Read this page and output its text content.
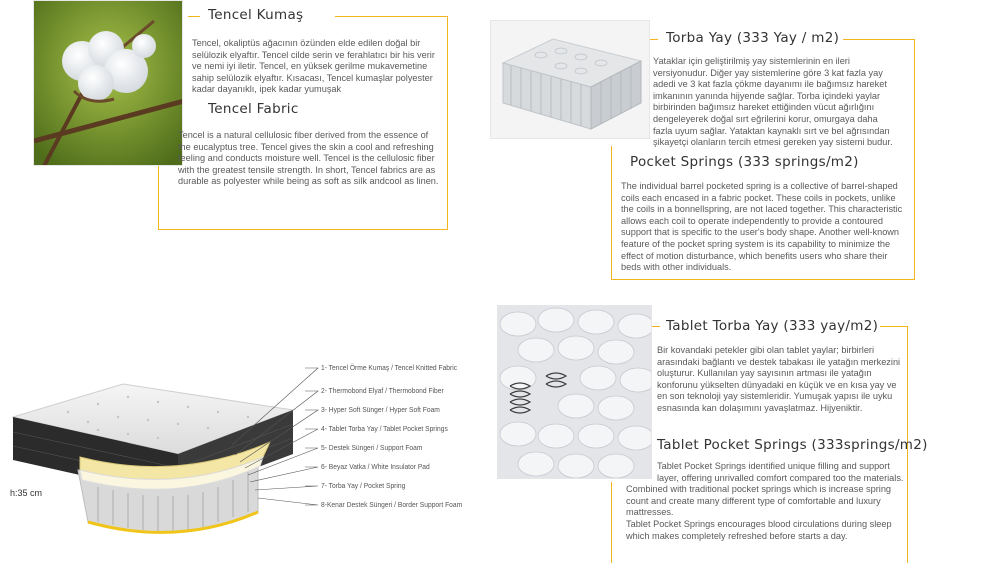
Tencel Kumaş
Tencel, okaliptüs ağacının özünden elde edilen doğal bir selülozik elyaftır. Tencel cilde serin ve ferahlatıcı bir his verir ve nemi iyi iletir. Tencel, en yüksek gerilme mukavemetine sahip selülozik elyaftır. Kısacası, Tencel kumaşlar polyester kadar dayanıklı, ipek kadar yumuşak
Tencel Fabric
Tencel is a natural cellulosic fiber derived from the essence of the eucalyptus tree. Tencel gives the skin a cool and refreshing feeling and conducts moisture well. Tencel is the cellulosic fiber with the greatest tensile strength. In short, Tencel fabrics are as durable as polyester while being as soft as silk andcool as linen.
Torba Yay (333 Yay / m2)
Yataklar için geliştirilmiş yay sistemlerinin en ileri versiyonudur. Diğer yay sistemlerine göre 3 kat fazla yay adedi ve 3 kat fazla çökme dayanımı ile bağımsız hareket imkanının yanında hijyende sağlar. Torba içindeki yaylar birbirinden bağımsız hareket ettiğinden vücut ağırlığını dengeleyerek doğal sırt eğrilerini korur, omurgaya daha fazla uyum sağlar. Yataktan kaynaklı sırt ve bel ağrısından şikayetçi olanların tercih etmesi gereken yay sistemi budur.
Pocket Springs (333 springs/m2)
The individual barrel pocketed spring is a collective of barrel-shaped coils each encased in a fabric pocket. These coils in pockets, unlike the coils in a bonnellspring, are not laced together. This characteristic allows each coil to operate independently to provide a contoured support that is specific to the user's body shape. Another well-known feature of the pocket spring system is its capability to minimize the effect of motion disturbance, which benefits users who share their beds with other individuals.
h:35 cm
1- Tencel Örme Kumaş / Tencel Knitted Fabric
2- Thermobond Elyaf / Thermobond Fiber
3- Hyper Soft Sünger / Hyper Soft Foam
4- Tablet Torba Yay / Tablet Pocket Springs
5- Destek Süngeri / Support Foam
6- Beyaz Vatka / White Insulator Pad
7- Torba Yay / Pocket Spring
8-Kenar Destek Süngeri / Border Support Foam
Tablet Torba Yay (333 yay/m2)
Bir kovandaki petekler gibi olan tablet yaylar; birbirleri arasındaki bağlantı ve destek tabakası ile yatağın merkezini oluşturur. Kullanılan yay sayısının artması ile yatağın konforunu yükselten dünyadaki en küçük ve en kısa yay ve en son teknoloji yay sistemleridir. Yumuşak yapısı ile uyku esnasında kan dolaşımını yavaşlatmaz. Hijyeniktir.
Tablet Pocket Springs (333springs/m2)
Tablet Pocket Springs identified unique filling and support layer, offering unrivalled comfort compared too the materials.
Combined with traditional pocket springs which is increase spring count and create many different type of comfortable and luxury mattresses.
Tablet Pocket Springs encourages blood circulations during sleep which makes completely refreshed before starts a day.
